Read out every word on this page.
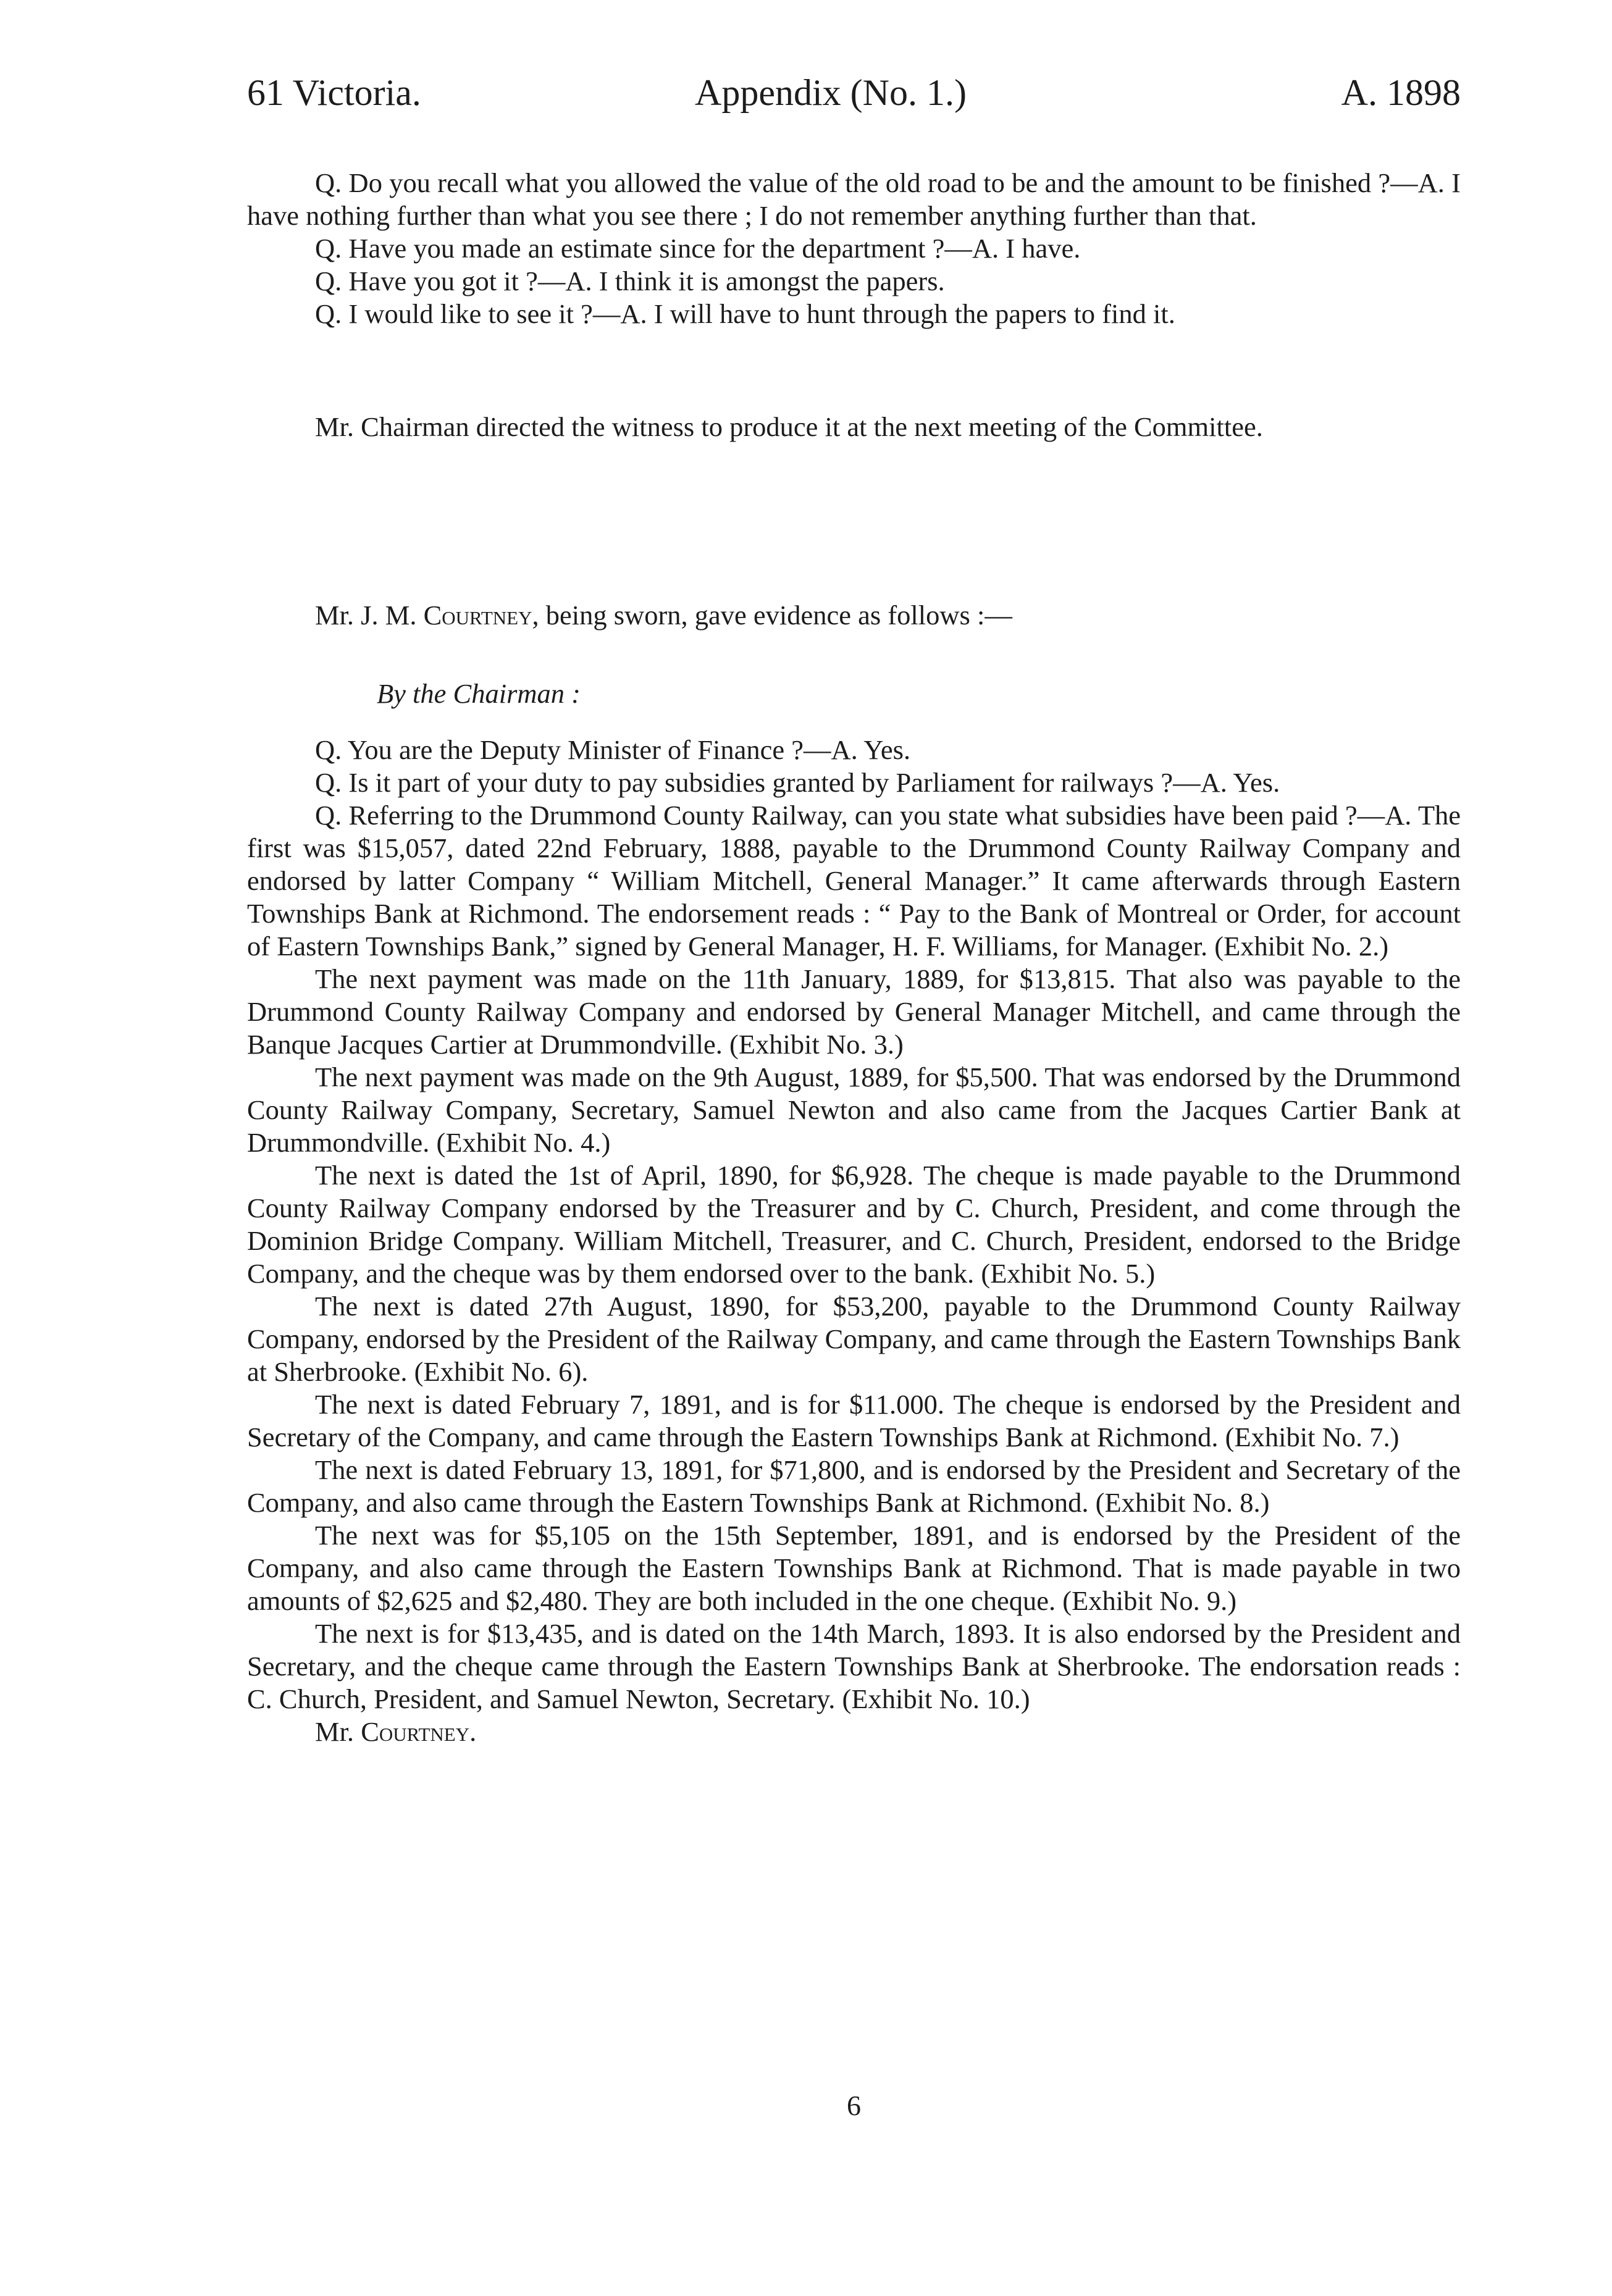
61 Victoria.	Appendix (No. 1.)	A. 1898

Q. Do you recall what you allowed the value of the old road to be and the amount to be finished ?—A. I have nothing further than what you see there ; I do not remember anything further than that.

Q. Have you made an estimate since for the department ?—A. I have.

Q. Have you got it ?—A. I think it is amongst the papers.

Q. I would like to see it ?—A. I will have to hunt through the papers to find it.

Mr. Chairman directed the witness to produce it at the next meeting of the Committee.

Mr. J. M. Courtney, being sworn, gave evidence as follows :—

By the Chairman :

Q. You are the Deputy Minister of Finance ?—A. Yes.

Q. Is it part of your duty to pay subsidies granted by Parliament for railways ?—A. Yes.

Q. Referring to the Drummond County Railway, can you state what subsidies have been paid ?—A. The first was $15,057, dated 22nd February, 1888, payable to the Drummond County Railway Company and endorsed by latter Company “ William Mitchell, General Manager.” It came afterwards through Eastern Townships Bank at Richmond. The endorsement reads : “ Pay to the Bank of Montreal or Order, for account of Eastern Townships Bank,” signed by General Manager, H. F. Williams, for Manager. (Exhibit No. 2.)

The next payment was made on the 11th January, 1889, for $13,815. That also was payable to the Drummond County Railway Company and endorsed by General Manager Mitchell, and came through the Banque Jacques Cartier at Drummondville. (Exhibit No. 3.)

The next payment was made on the 9th August, 1889, for $5,500. That was endorsed by the Drummond County Railway Company, Secretary, Samuel Newton and also came from the Jacques Cartier Bank at Drummondville. (Exhibit No. 4.)

The next is dated the 1st of April, 1890, for $6,928. The cheque is made payable to the Drummond County Railway Company endorsed by the Treasurer and by C. Church, President, and come through the Dominion Bridge Company. William Mitchell, Treasurer, and C. Church, President, endorsed to the Bridge Company, and the cheque was by them endorsed over to the bank. (Exhibit No. 5.)

The next is dated 27th August, 1890, for $53,200, payable to the Drummond County Railway Company, endorsed by the President of the Railway Company, and came through the Eastern Townships Bank at Sherbrooke. (Exhibit No. 6).

The next is dated February 7, 1891, and is for $11.000. The cheque is endorsed by the President and Secretary of the Company, and came through the Eastern Townships Bank at Richmond. (Exhibit No. 7.)

The next is dated February 13, 1891, for $71,800, and is endorsed by the President and Secretary of the Company, and also came through the Eastern Townships Bank at Richmond. (Exhibit No. 8.)

The next was for $5,105 on the 15th September, 1891, and is endorsed by the President of the Company, and also came through the Eastern Townships Bank at Richmond. That is made payable in two amounts of $2,625 and $2,480. They are both included in the one cheque. (Exhibit No. 9.)

The next is for $13,435, and is dated on the 14th March, 1893. It is also endorsed by the President and Secretary, and the cheque came through the Eastern Townships Bank at Sherbrooke. The endorsation reads : C. Church, President, and Samuel Newton, Secretary. (Exhibit No. 10.)

Mr. Courtney.

6
